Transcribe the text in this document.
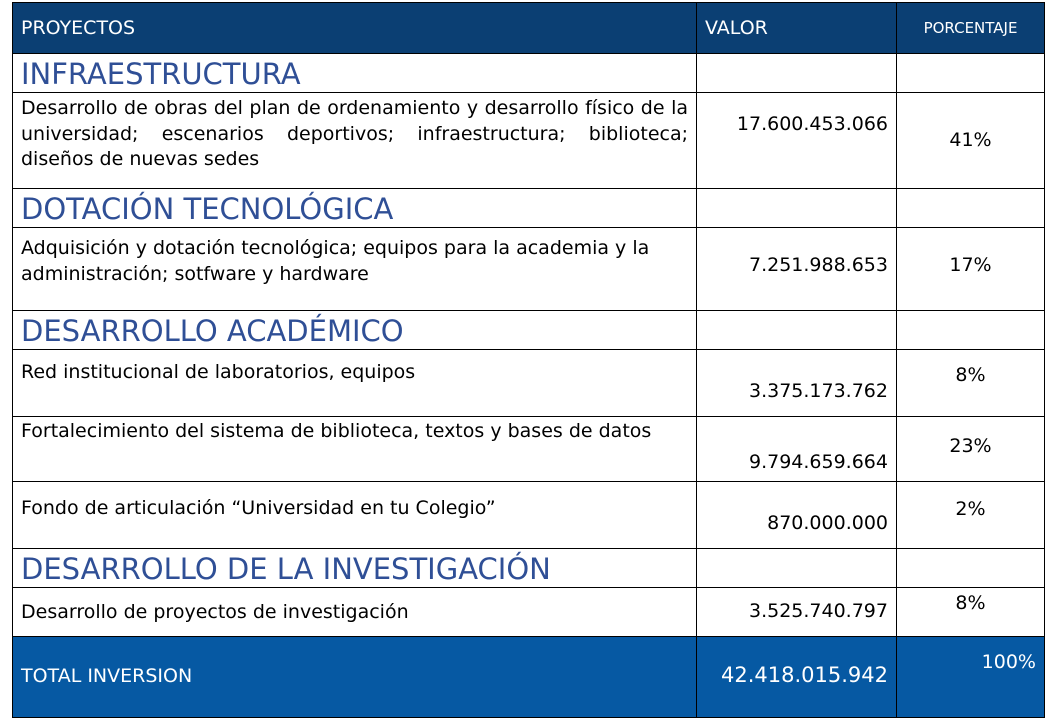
PROYECTOS	VALOR	PORCENTAJE
INFRAESTRUCTURA		
Desarrollo de obras del plan de ordenamiento y desarrollo físico de la universidad; escenarios deportivos; infraestructura; biblioteca; diseños de nuevas sedes	17.600.453.066	41%
DOTACIÓN TECNOLÓGICA		
Adquisición y dotación tecnológica; equipos para la academia y la administración; sotfware y hardware	7.251.988.653	17%
DESARROLLO ACADÉMICO		
Red institucional de laboratorios, equipos	3.375.173.762	8%
Fortalecimiento del sistema de biblioteca, textos y bases de datos	9.794.659.664	23%
Fondo de articulación “Universidad en tu Colegio”	870.000.000	2%
DESARROLLO DE LA INVESTIGACIÓN		
Desarrollo de proyectos de investigación	3.525.740.797	8%
TOTAL INVERSION	42.418.015.942	100%
